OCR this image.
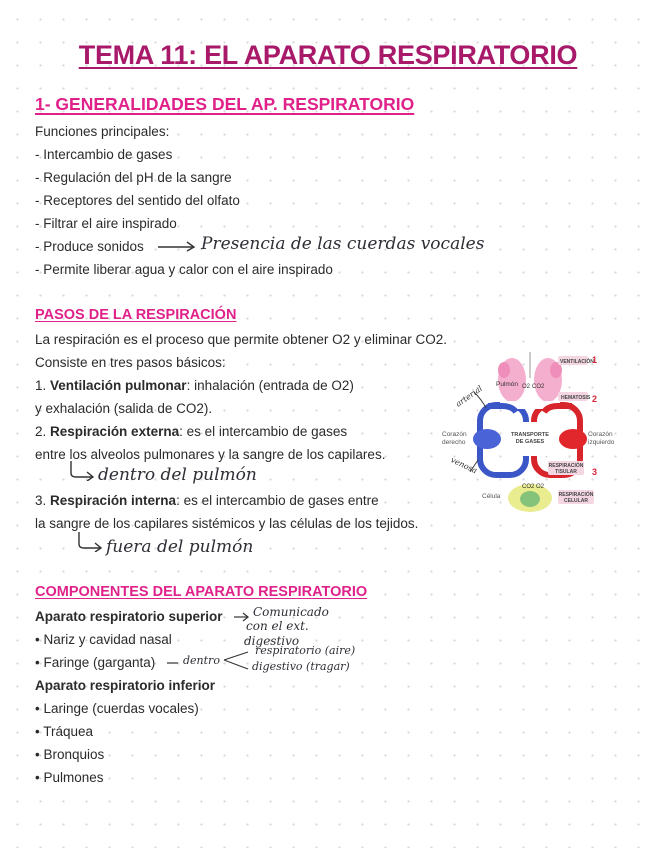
TEMA 11: EL APARATO RESPIRATORIO
1- GENERALIDADES DEL AP. RESPIRATORIO
Funciones principales:
- Intercambio de gases
- Regulación del pH de la sangre
- Receptores del sentido del olfato
- Filtrar el aire inspirado
- Produce sonidos	Presencia de las cuerdas vocales
- Permite liberar agua y calor con el aire inspirado
PASOS DE LA RESPIRACIÓN
La respiración es el proceso que permite obtener O2 y eliminar CO2.
Consiste en tres pasos básicos:
1. Ventilación pulmonar: inhalación (entrada de O2)
y exhalación (salida de CO2).
2. Respiración externa: es el intercambio de gases
entre los alveolos pulmonares y la sangre de los capilares.
dentro del pulmón
3. Respiración interna: es el intercambio de gases entre
la sangre de los capilares sistémicos y las células de los tejidos.
fuera del pulmón
Pulmón O2 CO2
VENTILACIÓN
1
HEMATOSIS 2
TRANSPORTE
DE GASES
Corazón
derecho
Corazón
izquierdo
RESPIRACIÓN
TISULAR 3
CO2 O2
Célula	RESPIRACIÓN
CELULAR
arterial
venosa
COMPONENTES DEL APARATO RESPIRATORIO
Aparato respiratorio superior	Comunicado
con el ext.
• Nariz y cavidad nasal	digestivo
• Faringe (garganta)	dentro
respiratorio (aire)
digestivo (tragar)
Aparato respiratorio inferior
• Laringe (cuerdas vocales)
• Tráquea
• Bronquios
• Pulmones
